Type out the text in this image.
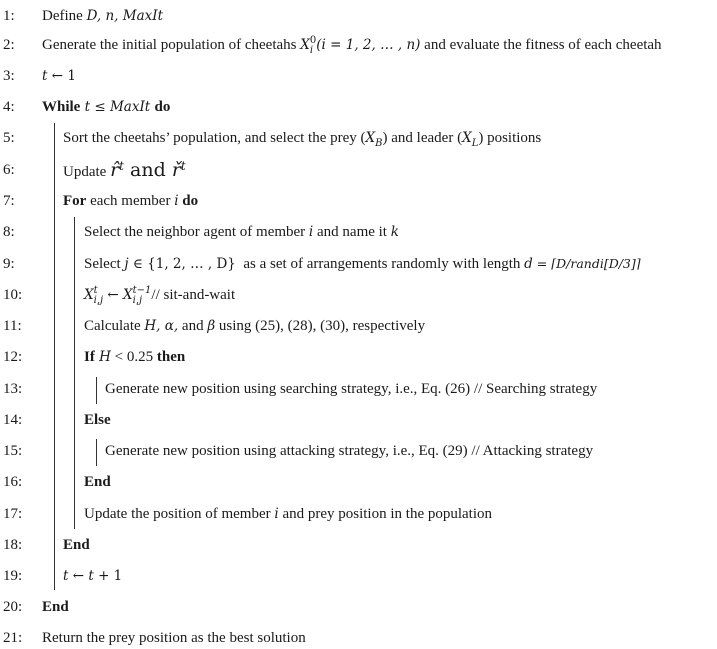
1:	Define D, n, MaxIt
2:	Generate the initial population of cheetahs X 0
i (i = 1, 2, … , n) and evaluate the fitness of each cheetah
3:	t ← 1
4:	While t ≤ MaxIt do
5:	Sort the cheetahs’ population, and select the prey $(X_B)$ and leader $(X_L)$ positions
6:	Update r̂$^t$ and $ř^t$
7:	For each member i do
8:	Select the neighbor agent of member i and name it k
9:	Select j ∈ {1, 2, … , D}  as a set of arrangements randomly with length d = ⌈D/randi[D/3]⌉
10:	X t
i,j ← X t−1
i,j // sit-and-wait
11:	Calculate H, α, and β using (25), (28), (30), respectively
12:	If H < 0.25 then
13:	Generate new position using searching strategy, i.e., Eq. (26) // Searching strategy
14:	Else
15:	Generate new position using attacking strategy, i.e., Eq. (29) // Attacking strategy
16:	End
17:	Update the position of member i and prey position in the population
18:	End
19:	t ← t + 1
20:	End
21:	Return the prey position as the best solution
